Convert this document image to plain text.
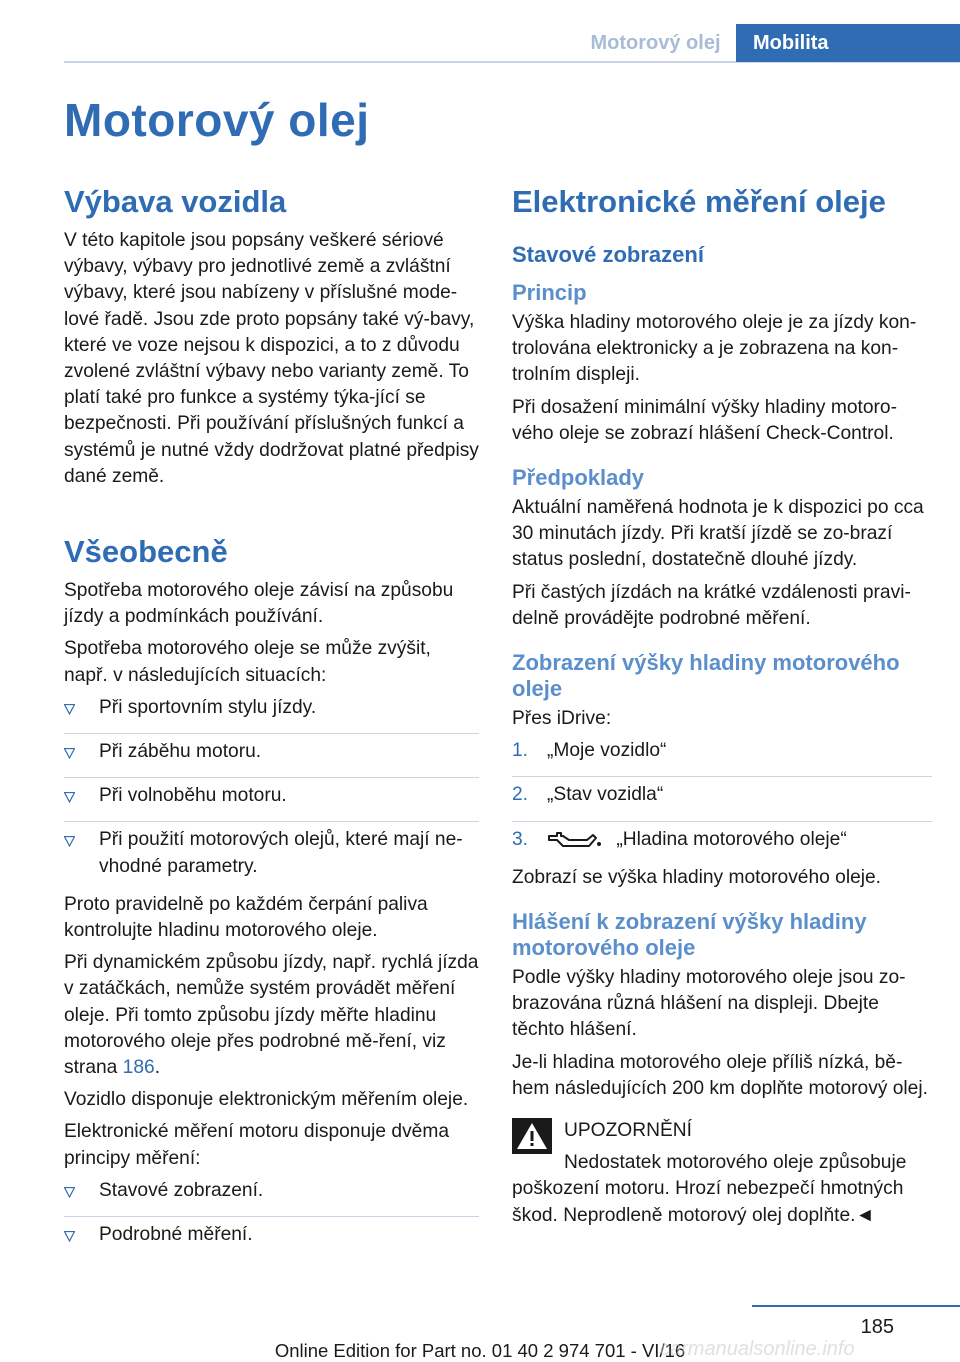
Motorový olej	Mobilita
Motorový olej
Výbava vozidla

V této kapitole jsou popsány veškeré sériové výbavy, výbavy pro jednotlivé země a zvláštní výbavy, které jsou nabízeny v příslušné mode‐lové řadě. Jsou zde proto popsány také vý‐bavy, které ve voze nejsou k dispozici, a to z důvodu zvolené zvláštní výbavy nebo varianty země. To platí také pro funkce a systémy týka‐jící se bezpečnosti. Při používání příslušných funkcí a systémů je nutné vždy dodržovat platné předpisy dané země.

Všeobecně

Spotřeba motorového oleje závisí na způsobu jízdy a podmínkách používání.

Spotřeba motorového oleje se může zvýšit, např. v následujících situacích:

Při sportovním stylu jízdy.
Při záběhu motoru.
Při volnoběhu motoru.
Při použití motorových olejů, které mají ne‐vhodné parametry.

Proto pravidelně po každém čerpání paliva kontrolujte hladinu motorového oleje.

Při dynamickém způsobu jízdy, např. rychlá jízda v zatáčkách, nemůže systém provádět měření oleje. Při tomto způsobu jízdy měřte hladinu motorového oleje přes podrobné mě‐ření, viz strana 186.

Vozidlo disponuje elektronickým měřením oleje.

Elektronické měření motoru disponuje dvěma principy měření:

Stavové zobrazení.
Podrobné měření.
Elektronické měření oleje
Stavové zobrazení
Princip

Výška hladiny motorového oleje je za jízdy kon‐trolována elektronicky a je zobrazena na kon‐trolním displeji.

Při dosažení minimální výšky hladiny motoro‐vého oleje se zobrazí hlášení Check-Control.

Předpoklady

Aktuální naměřená hodnota je k dispozici po cca 30 minutách jízdy. Při kratší jízdě se zo‐brazí status poslední, dostatečně dlouhé jízdy.

Při častých jízdách na krátké vzdálenosti pravi‐delně provádějte podrobné měření.

Zobrazení výšky hladiny motorového oleje

Přes iDrive:

1. „Moje vozidlo“
2. „Stav vozidla“
3.	„Hladina motorového oleje“

Zobrazí se výška hladiny motorového oleje.

Hlášení k zobrazení výšky hladiny motorového oleje

Podle výšky hladiny motorového oleje jsou zo‐brazována různá hlášení na displeji. Dbejte těchto hlášení.

Je-li hladina motorového oleje příliš nízká, bě‐hem následujících 200 km doplňte motorový olej.

UPOZORNĚNÍ

Nedostatek motorového oleje způsobuje poškození motoru. Hrozí nebezpečí hmotných škod. Neprodleně motorový olej doplňte.◄

185
Online Edition for Part no. 01 40 2 974 701 - VI/16
carmanualsonline.info
